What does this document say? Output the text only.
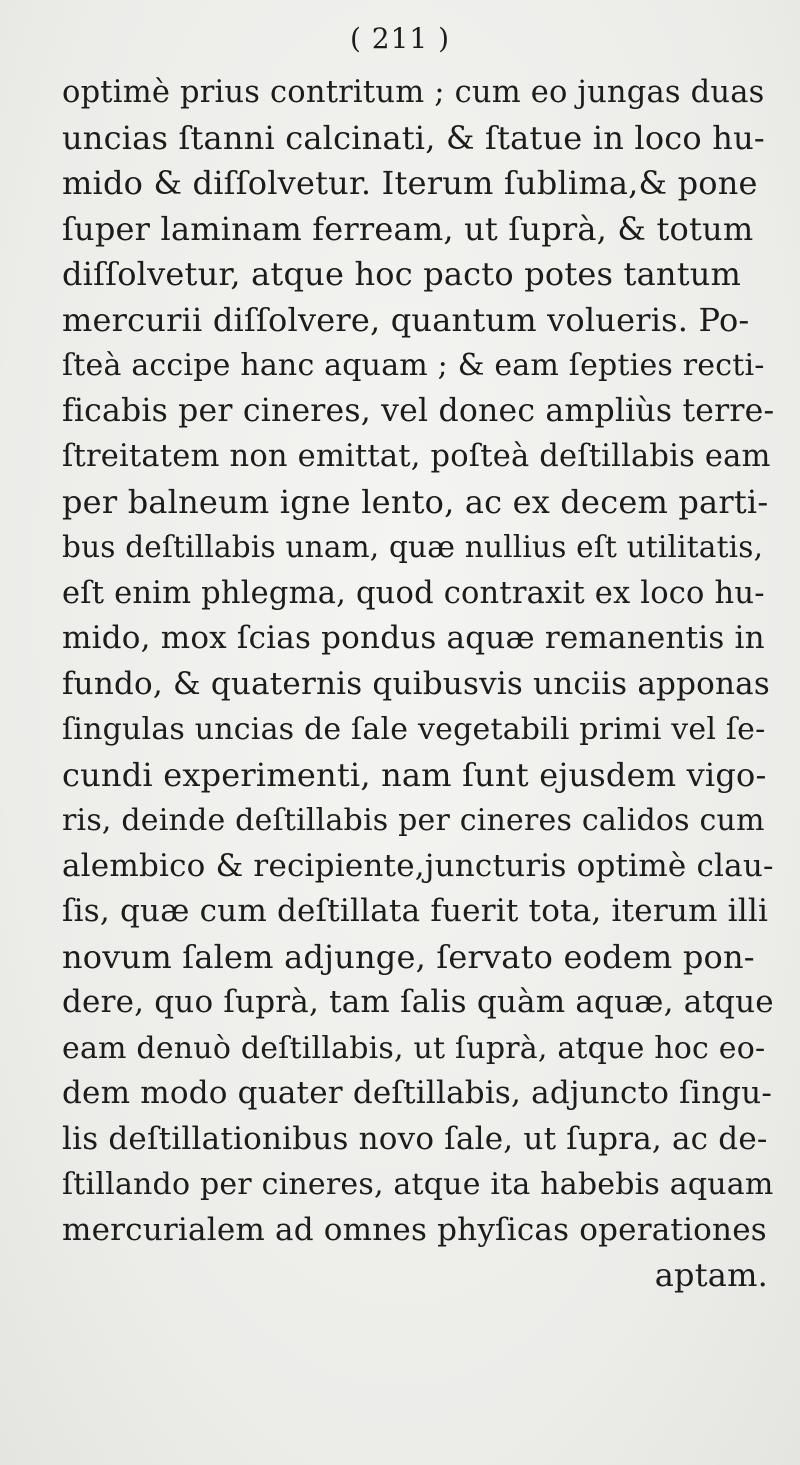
( 211 )
optimè prius contritum ; cum eo jungas duas
uncias ſtanni calcinati, & ſtatue in loco hu-
mido & diſſolvetur. Iterum ſublima,& pone
ſuper laminam ferream, ut ſuprà, & totum
diſſolvetur, atque hoc pacto potes tantum
mercurii diſſolvere, quantum volueris. Po-
ſteà accipe hanc aquam ; & eam ſepties recti-
ficabis per cineres, vel donec ampliùs terre-
ſtreitatem non emittat, poſteà deſtillabis eam
per balneum igne lento, ac ex decem parti-
bus deſtillabis unam, quæ nullius eſt utilitatis,
eſt enim phlegma, quod contraxit ex loco hu-
mido, mox ſcias pondus aquæ remanentis in
fundo, & quaternis quibusvis unciis apponas
ſingulas uncias de ſale vegetabili primi vel ſe-
cundi experimenti, nam ſunt ejusdem vigo-
ris, deinde deſtillabis per cineres calidos cum
alembico & recipiente,juncturis optimè clau-
ſis, quæ cum deſtillata fuerit tota, iterum illi
novum ſalem adjunge, ſervato eodem pon-
dere, quo ſuprà, tam ſalis quàm aquæ, atque
eam denuò deſtillabis, ut ſuprà, atque hoc eo-
dem modo quater deſtillabis, adjuncto ſingu-
lis deſtillationibus novo ſale, ut ſupra, ac de-
ſtillando per cineres, atque ita habebis aquam
mercurialem ad omnes phyſicas operationes
aptam.
